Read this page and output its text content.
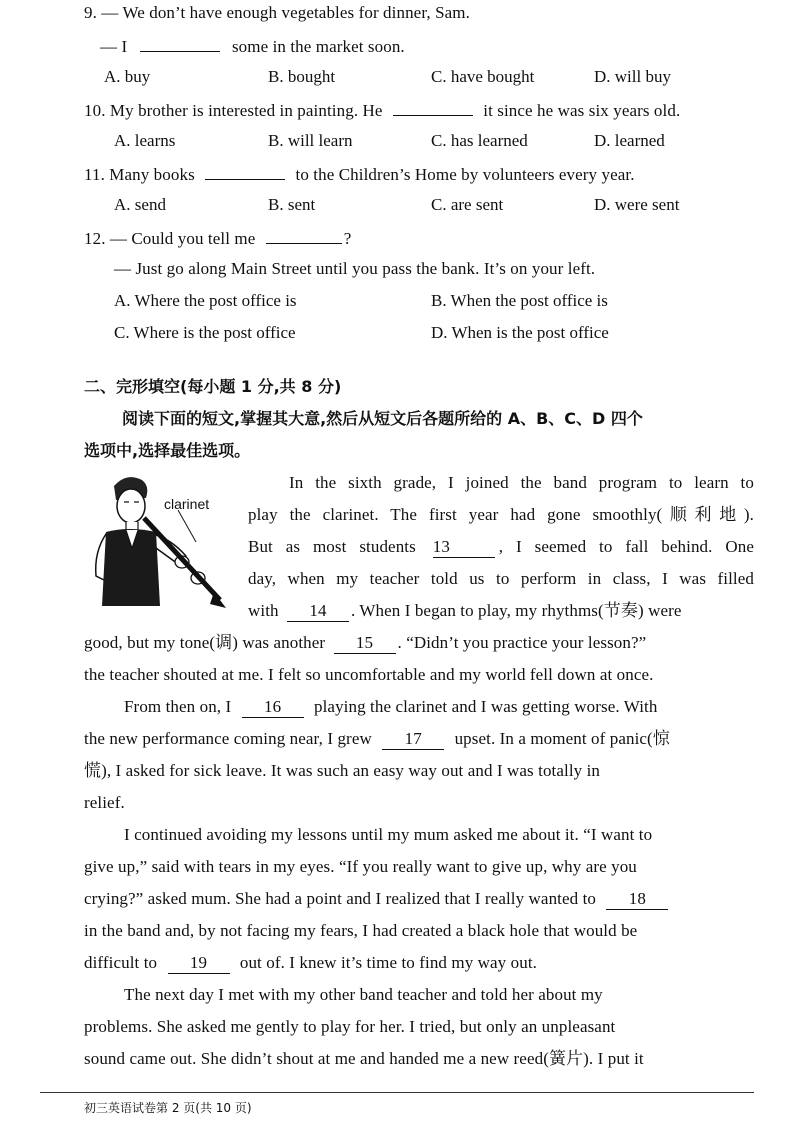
9. — We don’t have enough vegetables for dinner, Sam.
— I	some in the market soon.
A. buy	B. bought	C. have bought	D. will buy
10. My brother is interested in painting. He	it since he was six years old.
A. learns	B. will learn	C. has learned	D. learned
11. Many books	to the Children’s Home by volunteers every year.
A. send	B. sent	C. are sent	D. were sent
12. — Could you tell me	?
— Just go along Main Street until you pass the bank. It’s on your left.
A. Where the post office is	B. When the post office is
C. Where is the post office	D. When is the post office
二、完形填空(每小题 1 分,共 8 分)
阅读下面的短文,掌握其大意,然后从短文后各题所给的 A、B、C、D 四个
选项中,选择最佳选项。
clarinet
In the sixth grade, I joined the band program to learn to
play the clarinet. The first year had gone smoothly(顺利地).
But as most students 13	, I seemed to fall behind. One
day, when my teacher told us to perform in class, I was filled
with 14 . When I began to play, my rhythms(节奏) were
good, but my tone(调) was another 15 . “Didn’t you practice your lesson?”
the teacher shouted at me. I felt so uncomfortable and my world fell down at once.
From then on, I 16 playing the clarinet and I was getting worse. With
the new performance coming near, I grew 17 upset. In a moment of panic(惊
慌), I asked for sick leave. It was such an easy way out and I was totally in
relief.
I continued avoiding my lessons until my mum asked me about it. “I want to
give up,” said with tears in my eyes. “If you really want to give up, why are you
crying?” asked mum. She had a point and I realized that I really wanted to 18
in the band and, by not facing my fears, I had created a black hole that would be
difficult to 19 out of. I knew it’s time to find my way out.
The next day I met with my other band teacher and told her about my
problems. She asked me gently to play for her. I tried, but only an unpleasant
sound came out. She didn’t shout at me and handed me a new reed(簧片). I put it
初三英语试卷第 2 页(共 10 页)
